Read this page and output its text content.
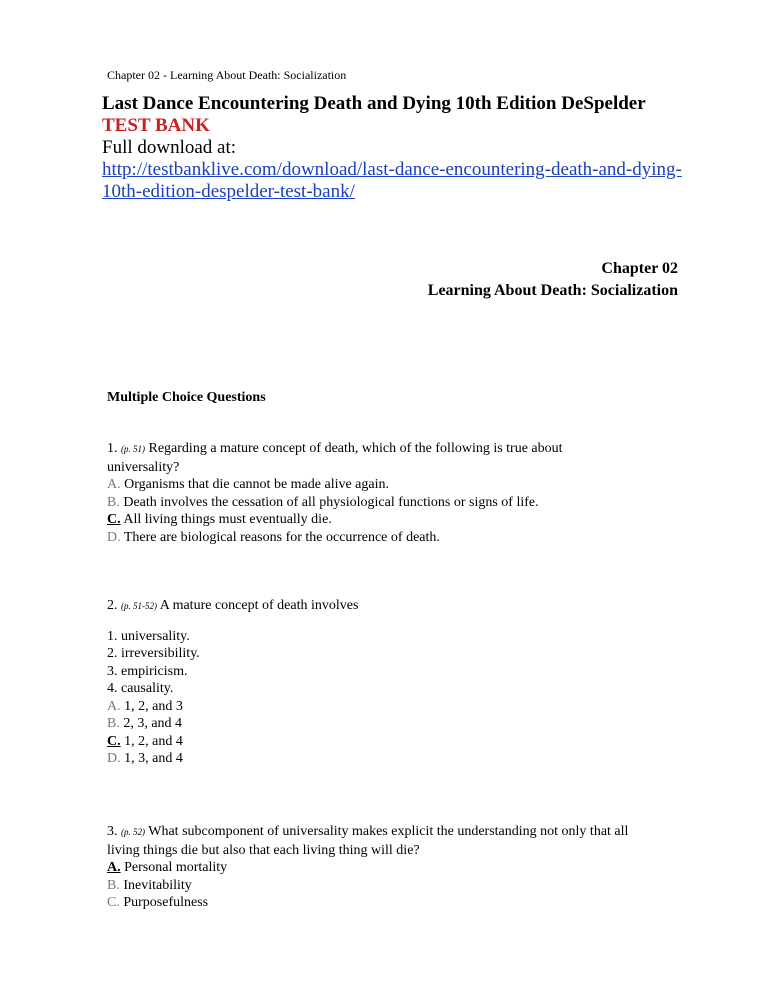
Chapter 02 - Learning About Death: Socialization
Last Dance Encountering Death and Dying 10th Edition DeSpelder
TEST BANK
Full download at:
http://testbanklive.com/download/last-dance-encountering-death-and-dying-
10th-edition-despelder-test-bank/
Chapter 02
Learning About Death: Socialization
Multiple Choice Questions
1. (p. 51) Regarding a mature concept of death, which of the following is true about
universality?
A. Organisms that die cannot be made alive again.
B. Death involves the cessation of all physiological functions or signs of life.
C. All living things must eventually die.
D. There are biological reasons for the occurrence of death.
2. (p. 51-52) A mature concept of death involves
1. universality.
2. irreversibility.
3. empiricism.
4. causality.
A. 1, 2, and 3
B. 2, 3, and 4
C. 1, 2, and 4
D. 1, 3, and 4
3. (p. 52) What subcomponent of universality makes explicit the understanding not only that all
living things die but also that each living thing will die?
A. Personal mortality
B. Inevitability
C. Purposefulness
